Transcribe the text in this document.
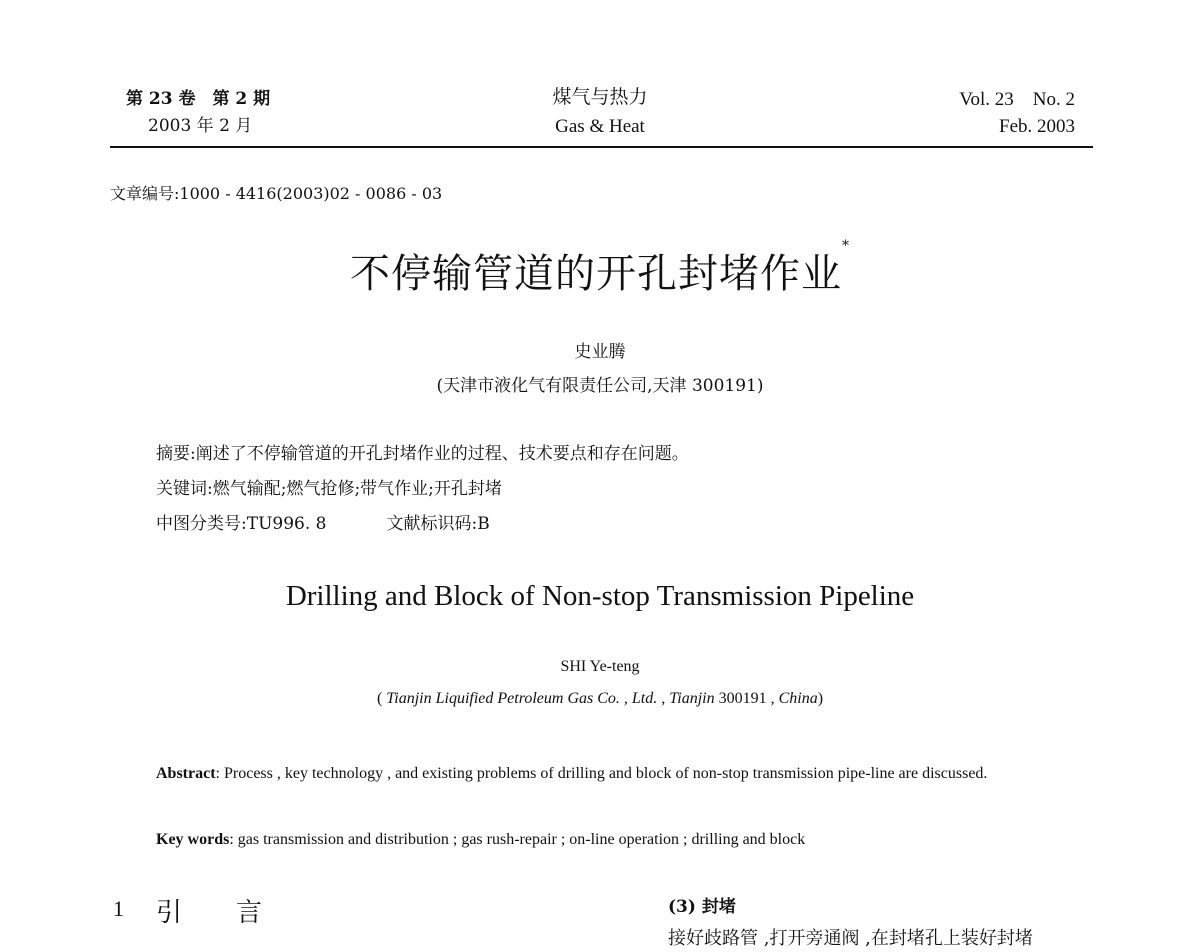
第 23 卷　第 2 期
2003 年 2 月
煤气与热力
Gas & Heat
Vol. 23　No. 2
Feb. 2003
文章编号:1000 - 4416(2003)02 - 0086 - 03
不停输管道的开孔封堵作业*
史业腾
(天津市液化气有限责任公司,天津 300191)
摘要:阐述了不停输管道的开孔封堵作业的过程、技术要点和存在问题。
关键词:燃气输配;燃气抢修;带气作业;开孔封堵
中图分类号:TU996. 8	文献标识码:B
Drilling and Block of Non-stop Transmission Pipeline
SHI Ye-teng
( Tianjin Liquified Petroleum Gas Co. , Ltd. , Tianjin 300191 , China)
Abstract: Process , key technology , and existing problems of drilling and block of non-stop transmission pipe-line are discussed.
Key words: gas transmission and distribution ; gas rush-repair ; on-line operation ; drilling and block
1 引言	(3) 封堵
接好歧路管 ,打开旁通阀 ,在封堵孔上装好封堵
